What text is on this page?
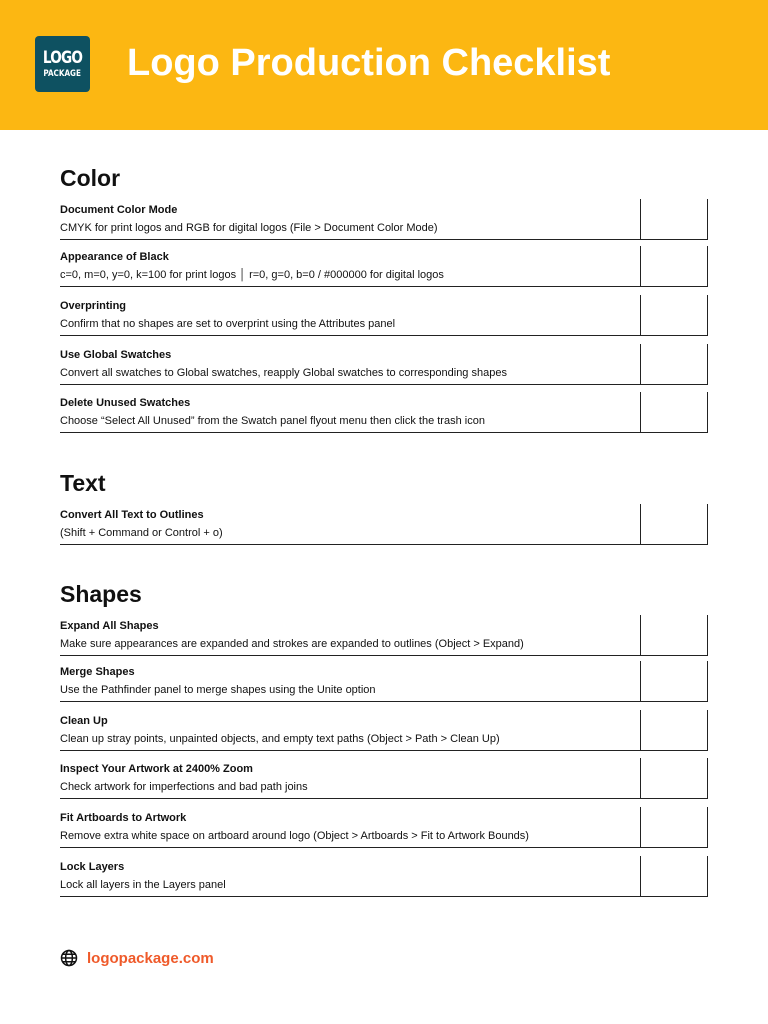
LOGO
PACKAGE Logo Production Checklist
Color
Document Color Mode
CMYK for print logos and RGB for digital logos (File > Document Color Mode)
Appearance of Black
c=0, m=0, y=0, k=100 for print logos │ r=0, g=0, b=0 / #000000 for digital logos
Overprinting
Confirm that no shapes are set to overprint using the Attributes panel
Use Global Swatches
Convert all swatches to Global swatches, reapply Global swatches to corresponding shapes
Delete Unused Swatches
Choose “Select All Unused” from the Swatch panel flyout menu then click the trash icon
Text
Convert All Text to Outlines
(Shift + Command or Control + o)
Shapes
Expand All Shapes
Make sure appearances are expanded and strokes are expanded to outlines (Object > Expand)
Merge Shapes
Use the Pathfinder panel to merge shapes using the Unite option
Clean Up
Clean up stray points, unpainted objects, and empty text paths (Object > Path > Clean Up)
Inspect Your Artwork at 2400% Zoom
Check artwork for imperfections and bad path joins
Fit Artboards to Artwork
Remove extra white space on artboard around logo (Object > Artboards > Fit to Artwork Bounds)
Lock Layers
Lock all layers in the Layers panel
logopackage.com
